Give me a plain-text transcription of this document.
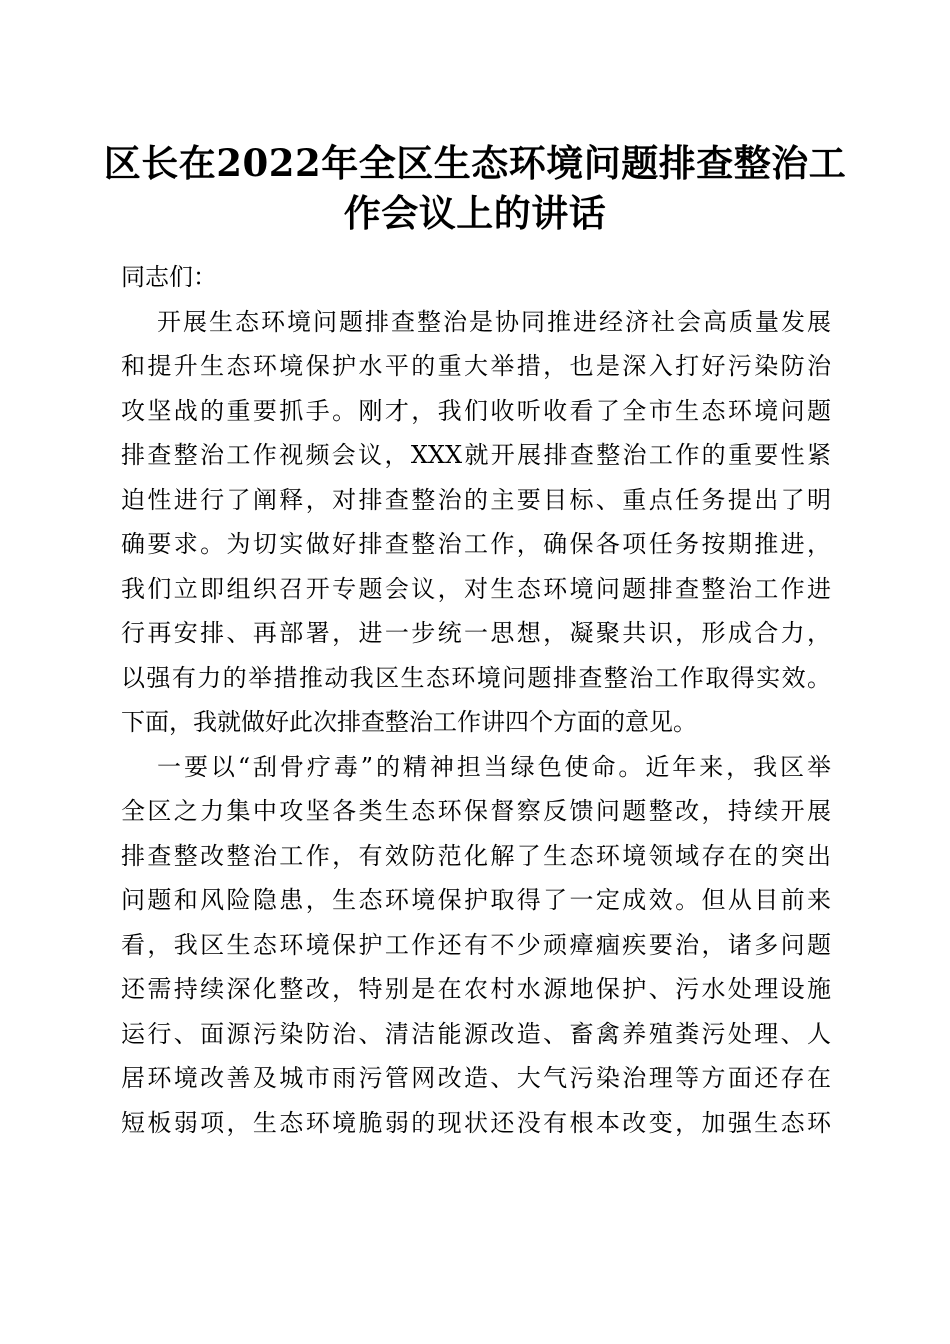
区长在2022年全区生态环境问题排查整治工
作会议上的讲话
同志们：
开展生态环境问题排查整治是协同推进经济社会高质量发展
和提升生态环境保护水平的重大举措，也是深入打好污染防治
攻坚战的重要抓手。刚才，我们收听收看了全市生态环境问题
排查整治工作视频会议，XXX就开展排查整治工作的重要性紧
迫性进行了阐释，对排查整治的主要目标、重点任务提出了明
确要求。为切实做好排查整治工作，确保各项任务按期推进，
我们立即组织召开专题会议，对生态环境问题排查整治工作进
行再安排、再部署，进一步统一思想，凝聚共识，形成合力，
以强有力的举措推动我区生态环境问题排查整治工作取得实效。
下面，我就做好此次排查整治工作讲四个方面的意见。
一要以“刮骨疗毒”的精神担当绿色使命。近年来，我区举
全区之力集中攻坚各类生态环保督察反馈问题整改，持续开展
排查整改整治工作，有效防范化解了生态环境领域存在的突出
问题和风险隐患，生态环境保护取得了一定成效。但从目前来
看，我区生态环境保护工作还有不少顽瘴痼疾要治，诸多问题
还需持续深化整改，特别是在农村水源地保护、污水处理设施
运行、面源污染防治、清洁能源改造、畜禽养殖粪污处理、人
居环境改善及城市雨污管网改造、大气污染治理等方面还存在
短板弱项，生态环境脆弱的现状还没有根本改变，加强生态环
